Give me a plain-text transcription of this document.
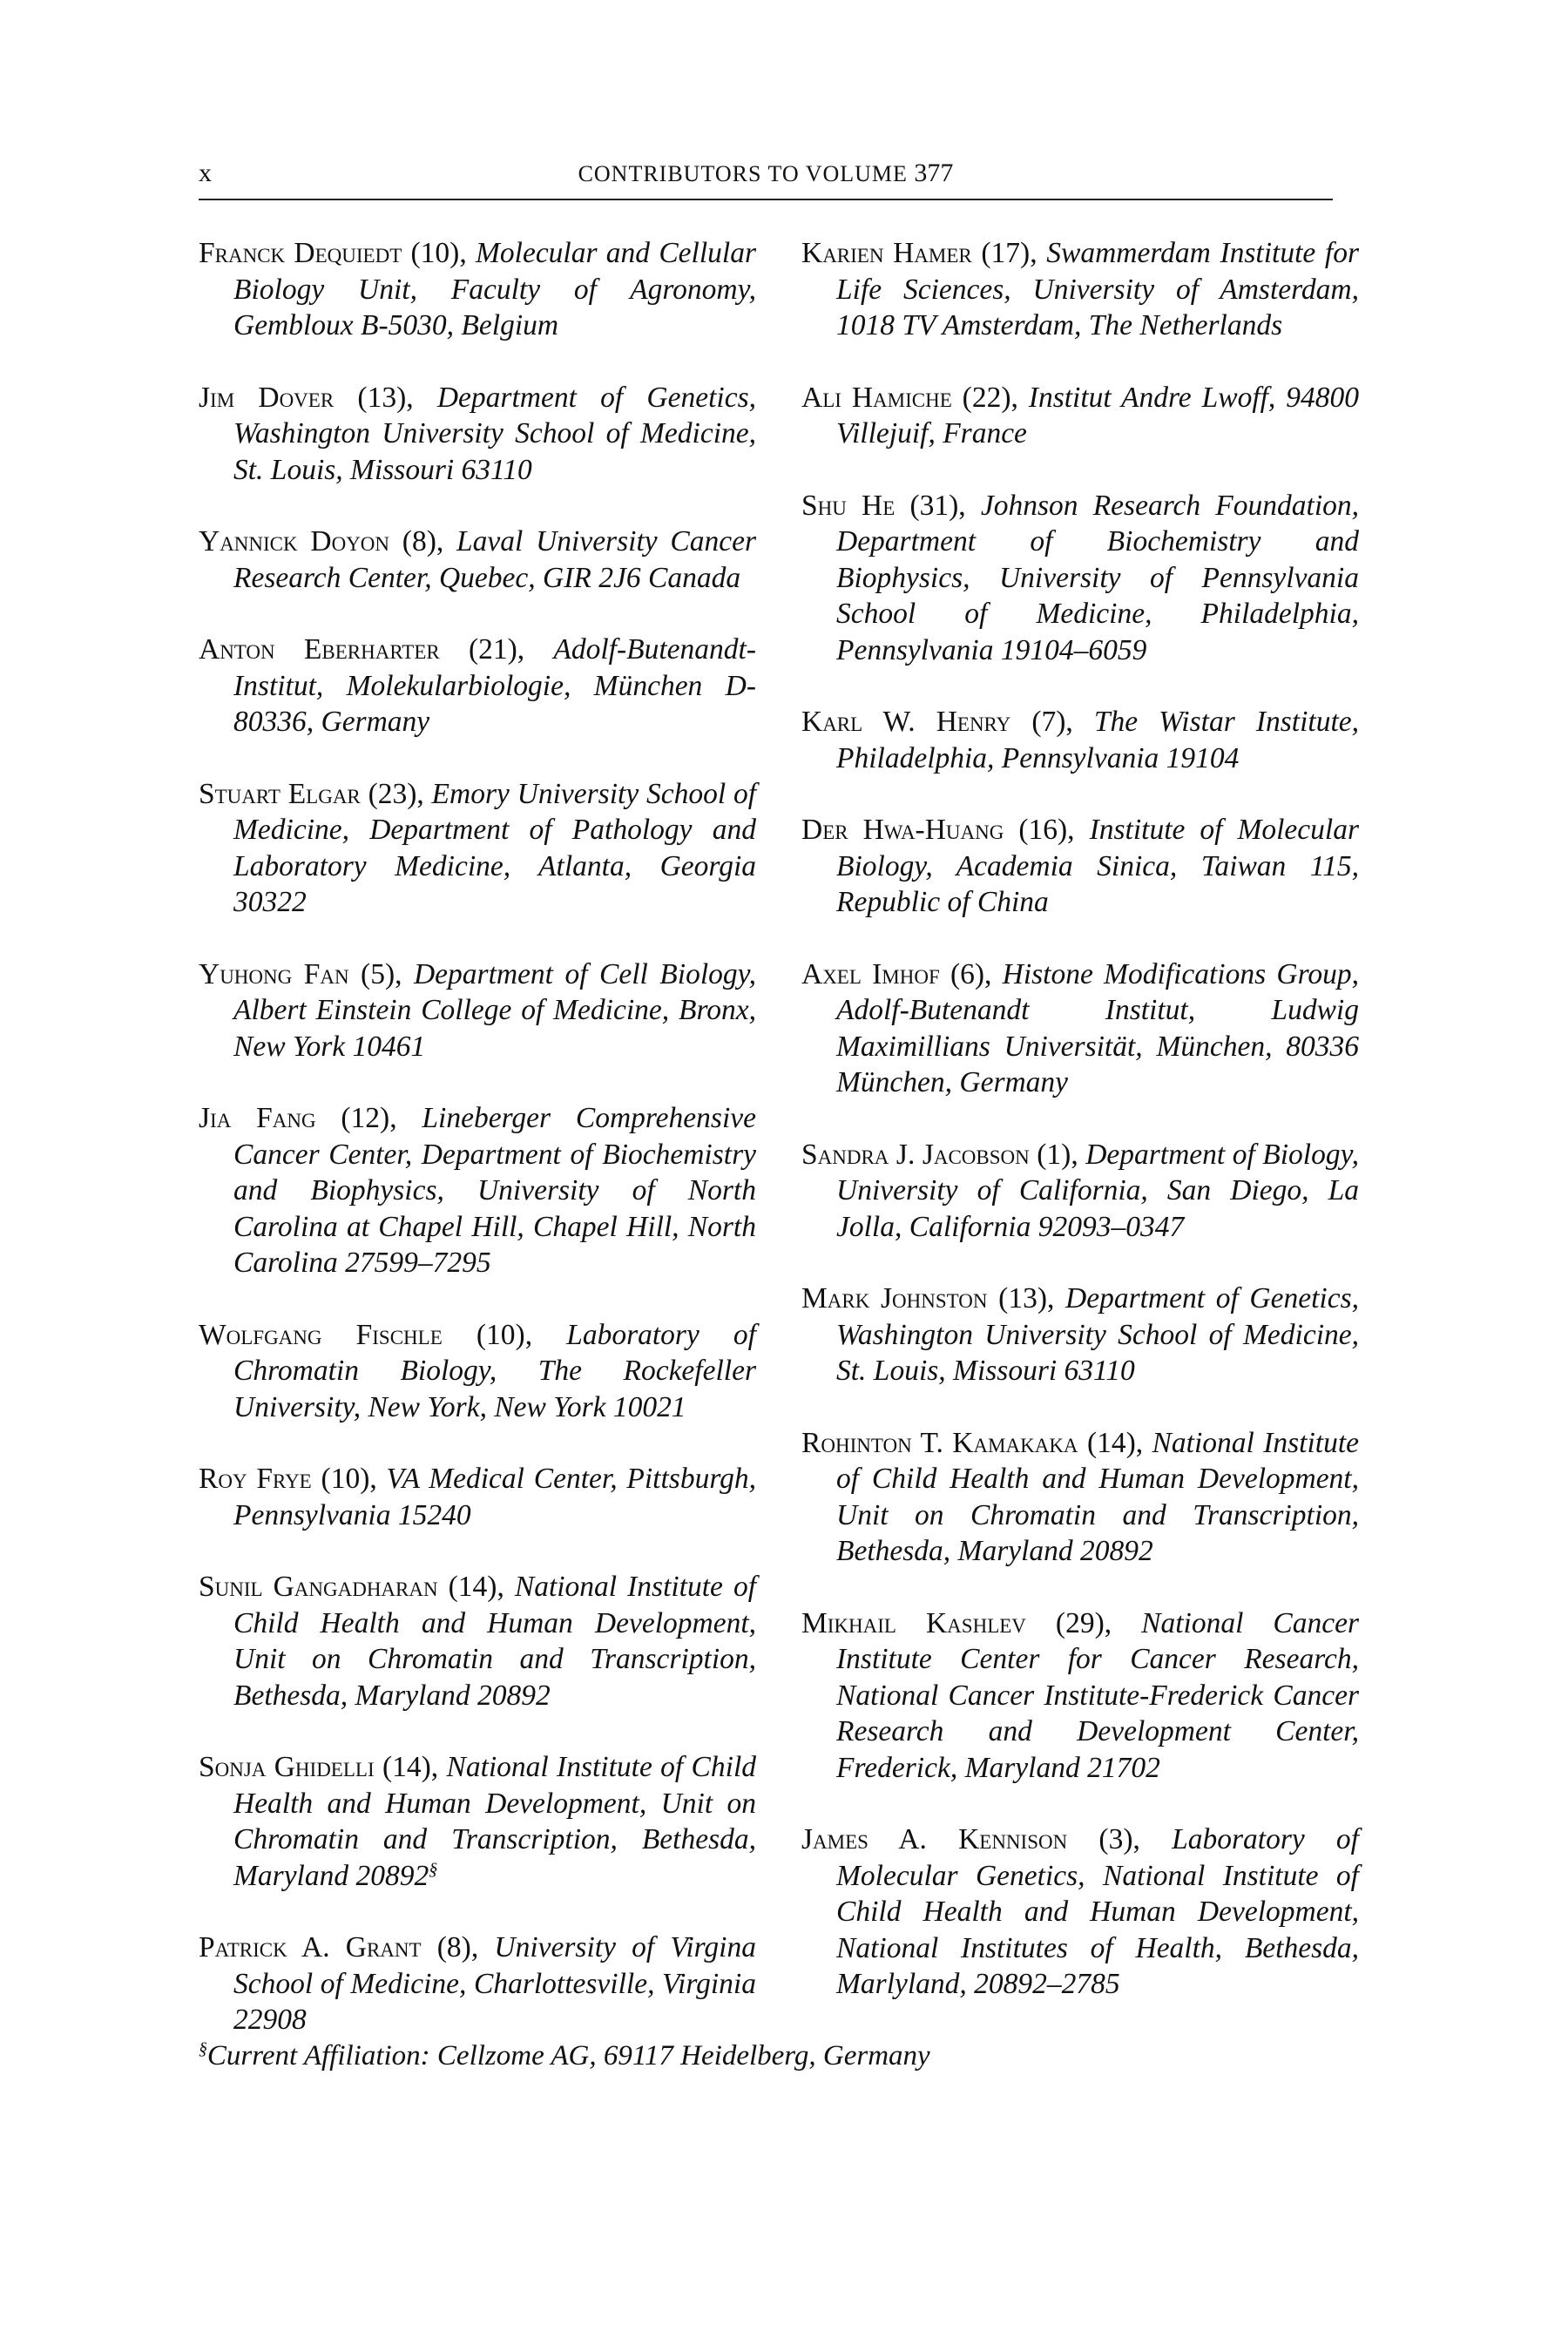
x	CONTRIBUTORS TO VOLUME 377

Franck Dequiedt (10), Molecular and Cellular Biology Unit, Faculty of Agronomy, Gembloux B-5030, Belgium

Jim Dover (13), Department of Genetics, Washington University School of Medicine, St. Louis, Missouri 63110

Yannick Doyon (8), Laval University Cancer Research Center, Quebec, GIR 2J6 Canada

Anton Eberharter (21), Adolf-Butenandt-Institut, Molekularbiologie, München D-80336, Germany

Stuart Elgar (23), Emory University School of Medicine, Department of Pathology and Laboratory Medicine, Atlanta, Georgia 30322

Yuhong Fan (5), Department of Cell Biology, Albert Einstein College of Medicine, Bronx, New York 10461

Jia Fang (12), Lineberger Comprehensive Cancer Center, Department of Biochemistry and Biophysics, University of North Carolina at Chapel Hill, Chapel Hill, North Carolina 27599–7295

Wolfgang Fischle (10), Laboratory of Chromatin Biology, The Rockefeller University, New York, New York 10021

Roy Frye (10), VA Medical Center, Pittsburgh, Pennsylvania 15240

Sunil Gangadharan (14), National Institute of Child Health and Human Development, Unit on Chromatin and Transcription, Bethesda, Maryland 20892

Sonja Ghidelli (14), National Institute of Child Health and Human Development, Unit on Chromatin and Transcription, Bethesda, Maryland 20892§

Patrick A. Grant (8), University of Virgina School of Medicine, Charlottesville, Virginia 22908

Karien Hamer (17), Swammerdam Institute for Life Sciences, University of Amsterdam, 1018 TV Amsterdam, The Netherlands

Ali Hamiche (22), Institut Andre Lwoff, 94800 Villejuif, France

Shu He (31), Johnson Research Foundation, Department of Biochemistry and Biophysics, University of Pennsylvania School of Medicine, Philadelphia, Pennsylvania 19104–6059

Karl W. Henry (7), The Wistar Institute, Philadelphia, Pennsylvania 19104

Der Hwa-Huang (16), Institute of Molecular Biology, Academia Sinica, Taiwan 115, Republic of China

Axel Imhof (6), Histone Modifications Group, Adolf-Butenandt Institut, Ludwig Maximillians Universität, München, 80336 München, Germany

Sandra J. Jacobson (1), Department of Biology, University of California, San Diego, La Jolla, California 92093–0347

Mark Johnston (13), Department of Genetics, Washington University School of Medicine, St. Louis, Missouri 63110

Rohinton T. Kamakaka (14), National Institute of Child Health and Human Development, Unit on Chromatin and Transcription, Bethesda, Maryland 20892

Mikhail Kashlev (29), National Cancer Institute Center for Cancer Research, National Cancer Institute-Frederick Cancer Research and Development Center, Frederick, Maryland 21702

James A. Kennison (3), Laboratory of Molecular Genetics, National Institute of Child Health and Human Development, National Institutes of Health, Bethesda, Marlyland, 20892–2785

§Current Affiliation: Cellzome AG, 69117 Heidelberg, Germany
